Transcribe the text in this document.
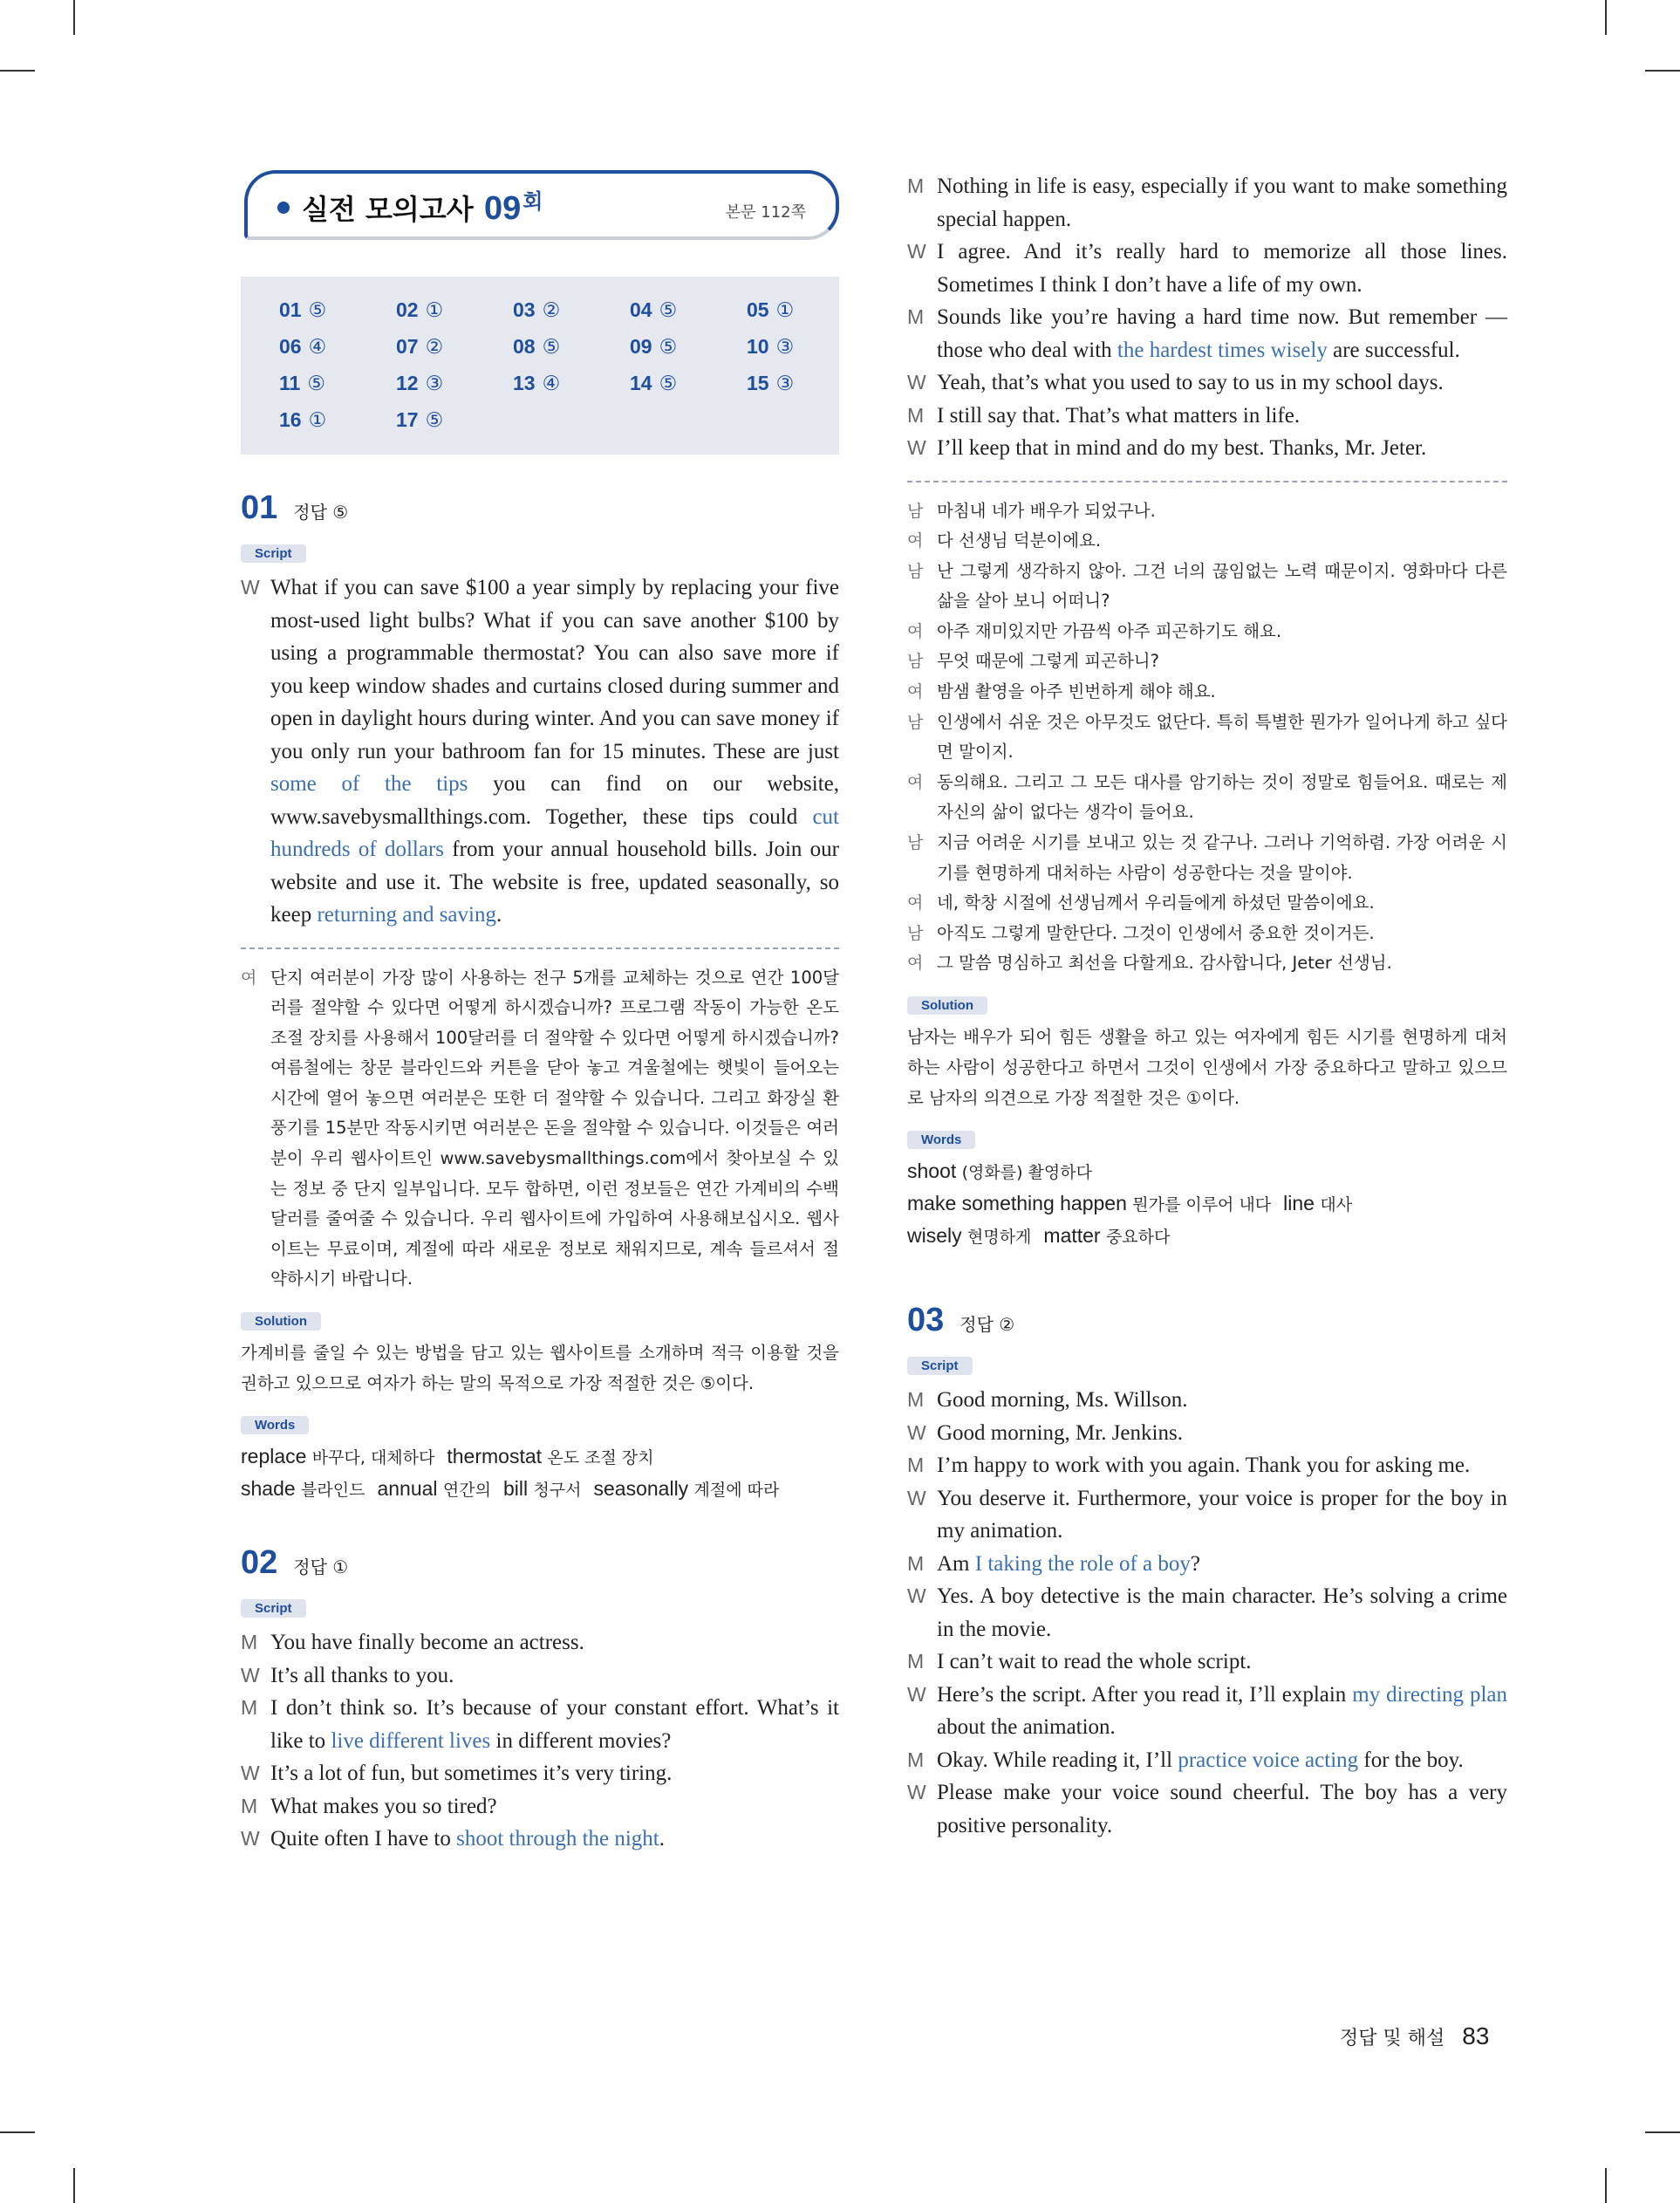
실전 모의고사 $09^회$	본문 112쪽
01 ⑤	02 ①	03 ②	04 ⑤	05 ①
06 ④	07 ②	08 ⑤	09 ⑤	10 ③
11 ⑤	12 ③	13 ④	14 ⑤	15 ③
16 ①	17 ⑤
01 정답 ⑤
Script
W What if you can save $100 a year simply by replacing your five most-used light bulbs? What if you can save another $100 by using a programmable thermostat? You can also save more if you keep window shades and curtains closed during summer and open in daylight hours during winter. And you can save money if you only run your bathroom fan for 15 minutes. These are just some of the tips you can find on our website, www.savebysmallthings.com. Together, these tips could cut hundreds of dollars from your annual household bills. Join our website and use it. The website is free, updated seasonally, so keep returning and saving.
여 단지 여러분이 가장 많이 사용하는 전구 5개를 교체하는 것으로 연간 100달러를 절약할 수 있다면 어떻게 하시겠습니까? 프로그램 작동이 가능한 온도 조절 장치를 사용해서 100달러를 더 절약할 수 있다면 어떻게 하시겠습니까? 여름철에는 창문 블라인드와 커튼을 닫아 놓고 겨울철에는 햇빛이 들어오는 시간에 열어 놓으면 여러분은 또한 더 절약할 수 있습니다. 그리고 화장실 환풍기를 15분만 작동시키면 여러분은 돈을 절약할 수 있습니다. 이것들은 여러분이 우리 웹사이트인 www.savebysmallthings.com에서 찾아보실 수 있는 정보 중 단지 일부입니다. 모두 합하면, 이런 정보들은 연간 가계비의 수백 달러를 줄여줄 수 있습니다. 우리 웹사이트에 가입하여 사용해보십시오. 웹사이트는 무료이며, 계절에 따라 새로운 정보로 채워지므로, 계속 들르셔서 절약하시기 바랍니다.
Solution
가계비를 줄일 수 있는 방법을 담고 있는 웹사이트를 소개하며 적극 이용할 것을 권하고 있으므로 여자가 하는 말의 목적으로 가장 적절한 것은 ⑤이다.
Words
replace 바꾸다, 대체하다 thermostat 온도 조절 장치
shade 블라인드 annual 연간의 bill 청구서 seasonally 계절에 따라
02 정답 ①
Script
M You have finally become an actress.
W It’s all thanks to you.
M I don’t think so. It’s because of your constant effort. What’s it like to live different lives in different movies?
W It’s a lot of fun, but sometimes it’s very tiring.
M What makes you so tired?
W Quite often I have to shoot through the night.
M Nothing in life is easy, especially if you want to make something special happen.
W I agree. And it’s really hard to memorize all those lines. Sometimes I think I don’t have a life of my own.
M Sounds like you’re having a hard time now. But remember — those who deal with the hardest times wisely are successful.
W Yeah, that’s what you used to say to us in my school days.
M I still say that. That’s what matters in life.
W I’ll keep that in mind and do my best. Thanks, Mr. Jeter.
남 마침내 네가 배우가 되었구나.
여 다 선생님 덕분이에요.
남 난 그렇게 생각하지 않아. 그건 너의 끊임없는 노력 때문이지. 영화마다 다른 삶을 살아 보니 어떠니?
여 아주 재미있지만 가끔씩 아주 피곤하기도 해요.
남 무엇 때문에 그렇게 피곤하니?
여 밤샘 촬영을 아주 빈번하게 해야 해요.
남 인생에서 쉬운 것은 아무것도 없단다. 특히 특별한 뭔가가 일어나게 하고 싶다면 말이지.
여 동의해요. 그리고 그 모든 대사를 암기하는 것이 정말로 힘들어요. 때로는 제 자신의 삶이 없다는 생각이 들어요.
남 지금 어려운 시기를 보내고 있는 것 같구나. 그러나 기억하렴. 가장 어려운 시기를 현명하게 대처하는 사람이 성공한다는 것을 말이야.
여 네, 학창 시절에 선생님께서 우리들에게 하셨던 말씀이에요.
남 아직도 그렇게 말한단다. 그것이 인생에서 중요한 것이거든.
여 그 말씀 명심하고 최선을 다할게요. 감사합니다, Jeter 선생님.
Solution
남자는 배우가 되어 힘든 생활을 하고 있는 여자에게 힘든 시기를 현명하게 대처하는 사람이 성공한다고 하면서 그것이 인생에서 가장 중요하다고 말하고 있으므로 남자의 의견으로 가장 적절한 것은 ①이다.
Words
shoot (영화를) 촬영하다
make something happen 뭔가를 이루어 내다 line 대사
wisely 현명하게 matter 중요하다
03 정답 ②
Script
M Good morning, Ms. Willson.
W Good morning, Mr. Jenkins.
M I’m happy to work with you again. Thank you for asking me.
W You deserve it. Furthermore, your voice is proper for the boy in my animation.
M Am I taking the role of a boy?
W Yes. A boy detective is the main character. He’s solving a crime in the movie.
M I can’t wait to read the whole script.
W Here’s the script. After you read it, I’ll explain my directing plan about the animation.
M Okay. While reading it, I’ll practice voice acting for the boy.
W Please make your voice sound cheerful. The boy has a very positive personality.
정답 및 해설 83
